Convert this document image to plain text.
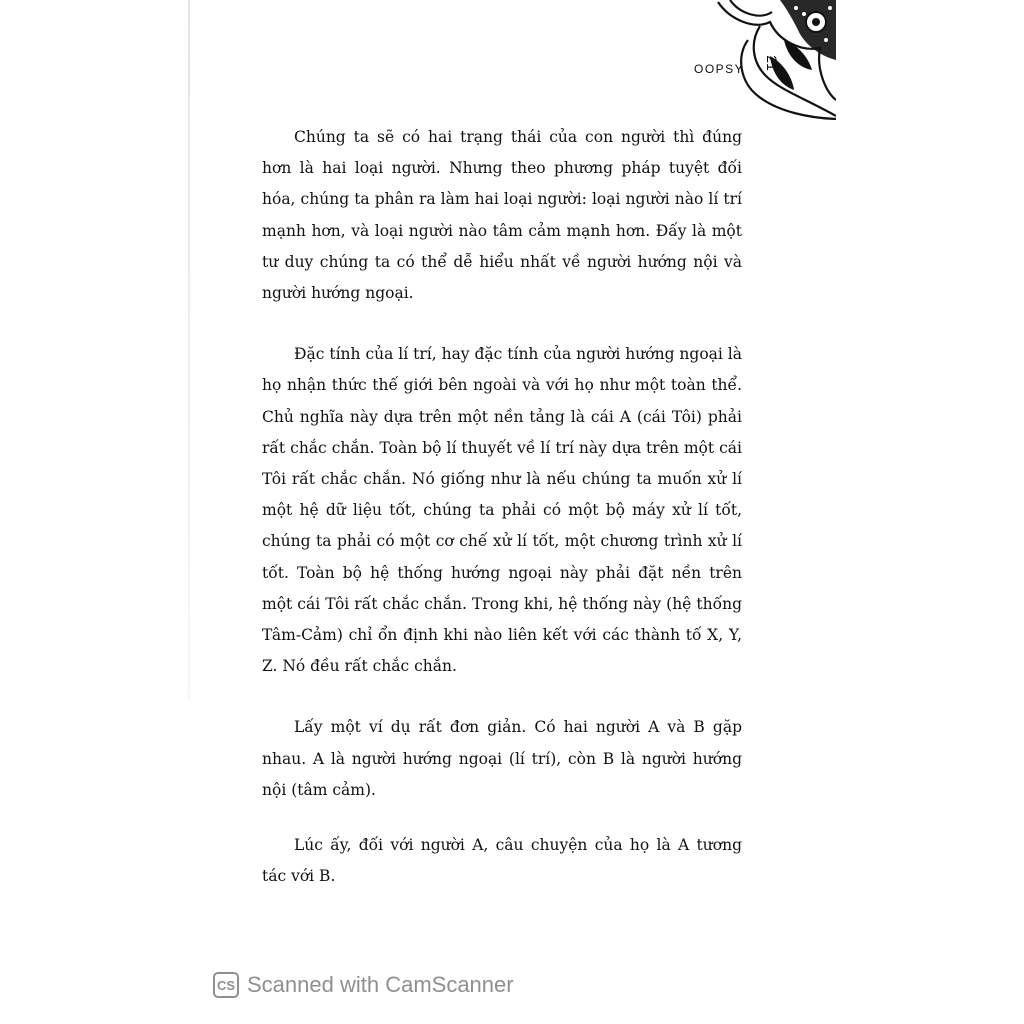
OOPSY 21

Chúng ta sẽ có hai trạng thái của con người thì đúng hơn là hai loại người. Nhưng theo phương pháp tuyệt đối hóa, chúng ta phân ra làm hai loại người: loại người nào lí trí mạnh hơn, và loại người nào tâm cảm mạnh hơn. Đấy là một tư duy chúng ta có thể dễ hiểu nhất về người hướng nội và người hướng ngoại.

Đặc tính của lí trí, hay đặc tính của người hướng ngoại là họ nhận thức thế giới bên ngoài và với họ như một toàn thể. Chủ nghĩa này dựa trên một nền tảng là cái A (cái Tôi) phải rất chắc chắn. Toàn bộ lí thuyết về lí trí này dựa trên một cái Tôi rất chắc chắn. Nó giống như là nếu chúng ta muốn xử lí một hệ dữ liệu tốt, chúng ta phải có một bộ máy xử lí tốt, chúng ta phải có một cơ chế xử lí tốt, một chương trình xử lí tốt. Toàn bộ hệ thống hướng ngoại này phải đặt nền trên một cái Tôi rất chắc chắn. Trong khi, hệ thống này (hệ thống Tâm-Cảm) chỉ ổn định khi nào liên kết với các thành tố X, Y, Z. Nó đều rất chắc chắn.

Lấy một ví dụ rất đơn giản. Có hai người A và B gặp nhau. A là người hướng ngoại (lí trí), còn B là người hướng nội (tâm cảm).

Lúc ấy, đối với người A, câu chuyện của họ là A tương tác với B.

CS Scanned with CamScanner
